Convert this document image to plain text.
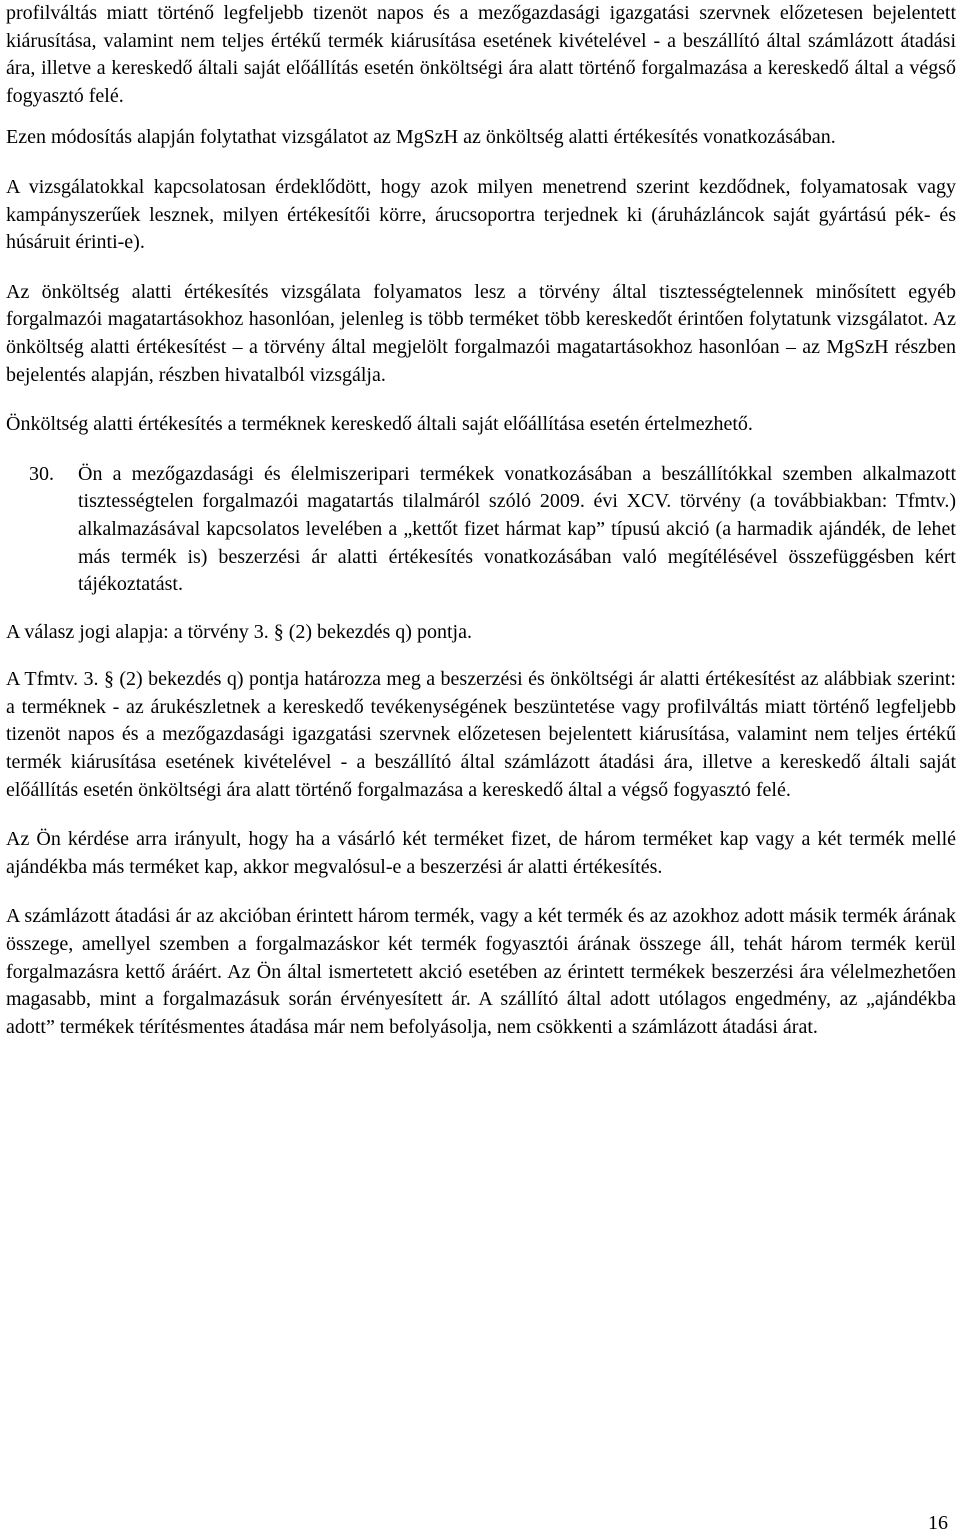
profilváltás miatt történő legfeljebb tizenöt napos és a mezőgazdasági igazgatási szervnek előzetesen bejelentett kiárusítása, valamint nem teljes értékű termék kiárusítása esetének kivételével - a beszállító által számlázott átadási ára, illetve a kereskedő általi saját előállítás esetén önköltségi ára alatt történő forgalmazása a kereskedő által a végső fogyasztó felé.

Ezen módosítás alapján folytathat vizsgálatot az MgSzH az önköltség alatti értékesítés vonatkozásában.

A vizsgálatokkal kapcsolatosan érdeklődött, hogy azok milyen menetrend szerint kezdődnek, folyamatosak vagy kampányszerűek lesznek, milyen értékesítői körre, árucsoportra terjednek ki (áruházláncok saját gyártású pék- és húsáruit érinti-e).

Az önköltség alatti értékesítés vizsgálata folyamatos lesz a törvény által tisztességtelennek minősített egyéb forgalmazói magatartásokhoz hasonlóan, jelenleg is több terméket több kereskedőt érintően folytatunk vizsgálatot. Az önköltség alatti értékesítést – a törvény által megjelölt forgalmazói magatartásokhoz hasonlóan – az MgSzH részben bejelentés alapján, részben hivatalból vizsgálja.

Önköltség alatti értékesítés a terméknek kereskedő általi saját előállítása esetén értelmezhető.

30.	Ön a mezőgazdasági és élelmiszeripari termékek vonatkozásában a beszállítókkal szemben alkalmazott tisztességtelen forgalmazói magatartás tilalmáról szóló 2009. évi XCV. törvény (a továbbiakban: Tfmtv.) alkalmazásával kapcsolatos levelében a „kettőt fizet hármat kap” típusú akció (a harmadik ajándék, de lehet más termék is) beszerzési ár alatti értékesítés vonatkozásában való megítélésével összefüggésben kért tájékoztatást.

A válasz jogi alapja: a törvény 3. § (2) bekezdés q) pontja.

A Tfmtv. 3. § (2) bekezdés q) pontja határozza meg a beszerzési és önköltségi ár alatti értékesítést az alábbiak szerint: a terméknek - az árukészletnek a kereskedő tevékenységének beszüntetése vagy profilváltás miatt történő legfeljebb tizenöt napos és a mezőgazdasági igazgatási szervnek előzetesen bejelentett kiárusítása, valamint nem teljes értékű termék kiárusítása esetének kivételével - a beszállító által számlázott átadási ára, illetve a kereskedő általi saját előállítás esetén önköltségi ára alatt történő forgalmazása a kereskedő által a végső fogyasztó felé.

Az Ön kérdése arra irányult, hogy ha a vásárló két terméket fizet, de három terméket kap vagy a két termék mellé ajándékba más terméket kap, akkor megvalósul-e a beszerzési ár alatti értékesítés.

A számlázott átadási ár az akcióban érintett három termék, vagy a két termék és az azokhoz adott másik termék árának összege, amellyel szemben a forgalmazáskor két termék fogyasztói árának összege áll, tehát három termék kerül forgalmazásra kettő áráért. Az Ön által ismertetett akció esetében az érintett termékek beszerzési ára vélelmezhetően magasabb, mint a forgalmazásuk során érvényesített ár. A szállító által adott utólagos engedmény, az „ajándékba adott” termékek térítésmentes átadása már nem befolyásolja, nem csökkenti a számlázott átadási árat.

16
